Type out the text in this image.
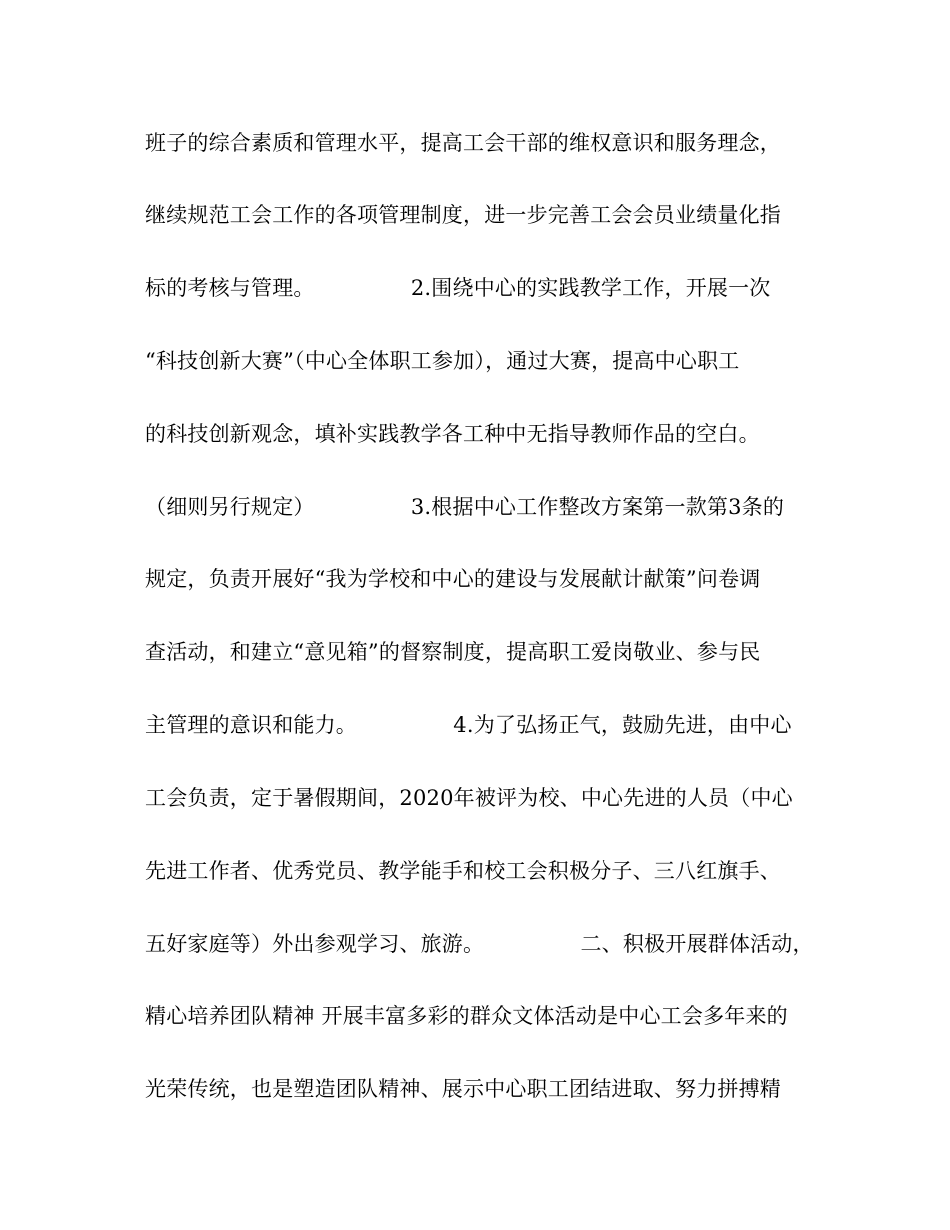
班子的综合素质和管理水平，提高工会干部的维权意识和服务理念，
继续规范工会工作的各项管理制度，进一步完善工会会员业绩量化指
标的考核与管理。              2.围绕中心的实践教学工作，开展一次
“科技创新大赛”（中心全体职工参加），通过大赛，提高中心职工
的科技创新观念，填补实践教学各工种中无指导教师作品的空白。
（细则另行规定）              3.根据中心工作整改方案第一款第3条的
规定，负责开展好“我为学校和中心的建设与发展献计献策”问卷调
查活动，和建立“意见箱”的督察制度，提高职工爱岗敬业、参与民
主管理的意识和能力。              4.为了弘扬正气，鼓励先进，由中心
工会负责，定于暑假期间，2020年被评为校、中心先进的人员（中心
先进工作者、优秀党员、教学能手和校工会积极分子、三八红旗手、
五好家庭等）外出参观学习、旅游。              二、积极开展群体活动，
精心培养团队精神 开展丰富多彩的群众文体活动是中心工会多年来的
光荣传统，也是塑造团队精神、展示中心职工团结进取、努力拼搏精
